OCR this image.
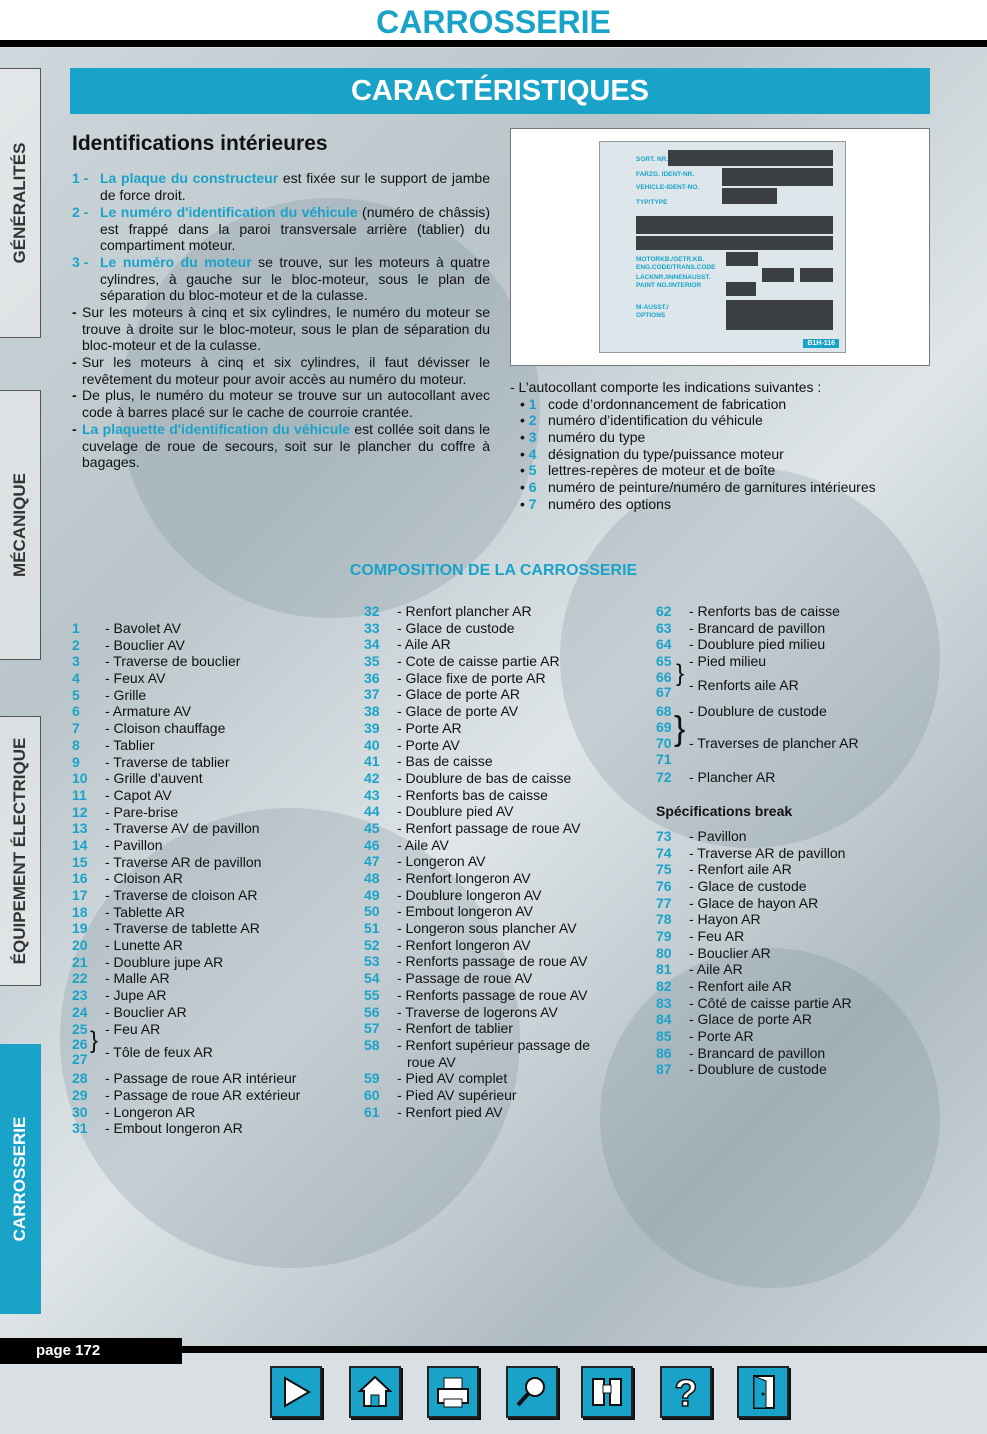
CARROSSERIE
GÉNÉRALITÉS
MÉCANIQUE
ÉQUIPEMENT ÉLECTRIQUE
CARROSSERIE
CARACTÉRISTIQUES
Identifications intérieures
1 - La plaque du constructeur est fixée sur le support de jambe de force droit.
2 - Le numéro d'identification du véhicule (numéro de châssis) est frappé dans la paroi transversale arrière (tablier) du compartiment moteur.
3 - Le numéro du moteur se trouve, sur les moteurs à quatre cylindres, à gauche sur le bloc-moteur, sous le plan de séparation du bloc-moteur et de la culasse.
- Sur les moteurs à cinq et six cylindres, le numéro du moteur se trouve à droite sur le bloc-moteur, sous le plan de séparation du bloc-moteur et de la culasse.
- Sur les moteurs à cinq et six cylindres, il faut dévisser le revêtement du moteur pour avoir accès au numéro du moteur.
- De plus, le numéro du moteur se trouve sur un autocollant avec code à barres placé sur le cache de courroie crantée.
- La plaquette d'identification du véhicule est collée soit dans le cuvelage de roue de secours, soit sur le plancher du coffre à bagages.
SORT. NR.
FARZG. IDENT-NR.
VEHICLE-IDENT-NO.
TYP/TYPE
MOTORKB./GETR.KB.
ENG.CODE/TRANS.CODE
LACKNR./INNENAUSST.
PAINT NO./INTERIOR
M-AUSST./
OPTIONS
B1H-116
- L’autocollant comporte les indications suivantes :
• 1 code d’ordonnancement de fabrication
• 2 numéro d’identification du véhicule
• 3 numéro du type
• 4 désignation du type/puissance moteur
• 5 lettres-repères de moteur et de boîte
• 6 numéro de peinture/numéro de garnitures intérieures
• 7 numéro des options
COMPOSITION DE LA CARROSSERIE
1 - Bavolet AV
2 - Bouclier AV
3 - Traverse de bouclier
4 - Feux AV
5 - Grille
6 - Armature AV
7 - Cloison chauffage
8 - Tablier
9 - Traverse de tablier
10 - Grille d'auvent
11 - Capot AV
12 - Pare-brise
13 - Traverse AV de pavillon
14 - Pavillon
15 - Traverse AR de pavillon
16 - Cloison AR
17 - Traverse de cloison AR
18 - Tablette AR
19 - Traverse de tablette AR
20 - Lunette AR
21 - Doublure jupe AR
22 - Malle AR
23 - Jupe AR
24 - Bouclier AR
25 - Feu AR
26
27
} - Tôle de feux AR
28 - Passage de roue AR intérieur
29 - Passage de roue AR extérieur
30 - Longeron AR
31 - Embout longeron AR
32 - Renfort plancher AR
33 - Glace de custode
34 - Aile AR
35 - Cote de caisse partie AR
36 - Glace fixe de porte AR
37 - Glace de porte AR
38 - Glace de porte AV
39 - Porte AR
40 - Porte AV
41 - Bas de caisse
42 - Doublure de bas de caisse
43 - Renforts bas de caisse
44 - Doublure pied AV
45 - Renfort passage de roue AV
46 - Aile AV
47 - Longeron AV
48 - Renfort longeron AV
49 - Doublure longeron AV
50 - Embout longeron AV
51 - Longeron sous plancher AV
52 - Renfort longeron AV
53 - Renforts passage de roue AV
54 - Passage de roue AV
55 - Renforts passage de roue AV
56 - Traverse de logerons AV
57 - Renfort de tablier
58 - Renfort supérieur passage de
roue AV
59 - Pied AV complet
60 - Pied AV supérieur
61 - Renfort pied AV
62 - Renforts bas de caisse
63 - Brancard de pavillon
64 - Doublure pied milieu
65 - Pied milieu
66
67
} - Renforts aile AR
68 - Doublure de custode
69
70
71
} - Traverses de plancher AR
72 - Plancher AR
Spécifications break
73 - Pavillon
74 - Traverse AR de pavillon
75 - Renfort aile AR
76 - Glace de custode
77 - Glace de hayon AR
78 - Hayon AR
79 - Feu AR
80 - Bouclier AR
81 - Aile AR
82 - Renfort aile AR
83 - Côté de caisse partie AR
84 - Glace de porte AR
85 - Porte AR
86 - Brancard de pavillon
87 - Doublure de custode
page 172
?
